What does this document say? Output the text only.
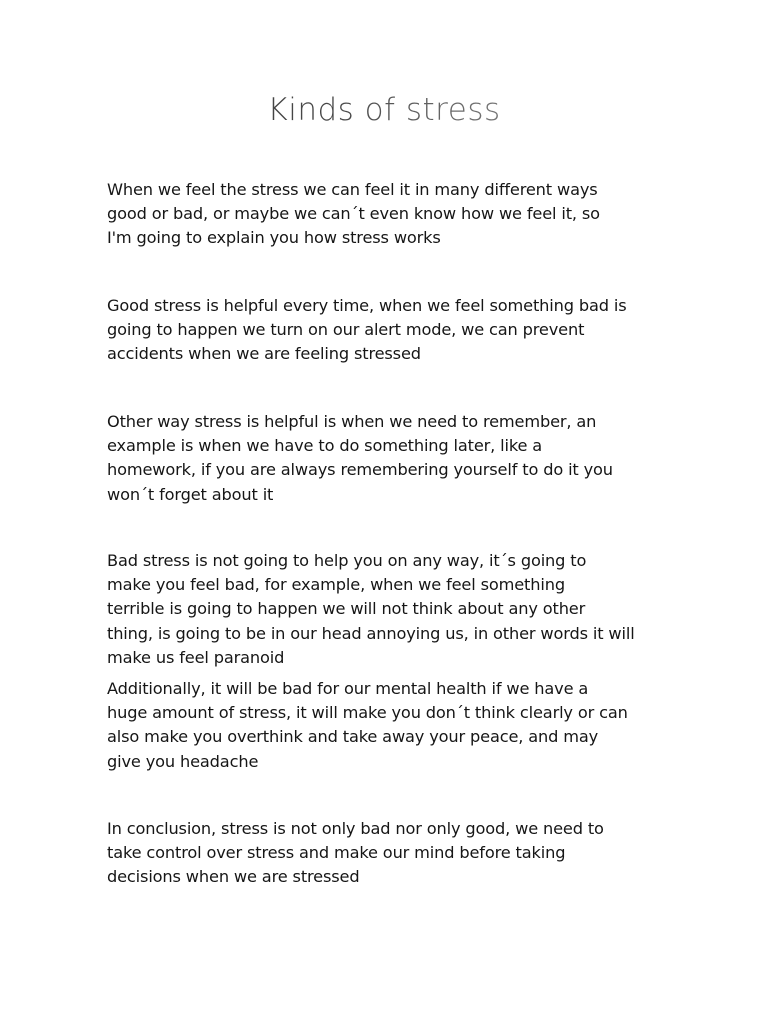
Kinds of stress

When we feel the stress we can feel it in many different ways
good or bad, or maybe we can´t even know how we feel it, so
I'm going to explain you how stress works

Good stress is helpful every time, when we feel something bad is
going to happen we turn on our alert mode, we can prevent
accidents when we are feeling stressed

Other way stress is helpful is when we need to remember, an
example is when we have to do something later, like a
homework, if you are always remembering yourself to do it you
won´t forget about it

Bad stress is not going to help you on any way, it´s going to
make you feel bad, for example, when we feel something
terrible is going to happen we will not think about any other
thing, is going to be in our head annoying us, in other words it will
make us feel paranoid

Additionally, it will be bad for our mental health if we have a
huge amount of stress, it will make you don´t think clearly or can
also make you overthink and take away your peace, and may
give you headache

In conclusion, stress is not only bad nor only good, we need to
take control over stress and make our mind before taking
decisions when we are stressed
